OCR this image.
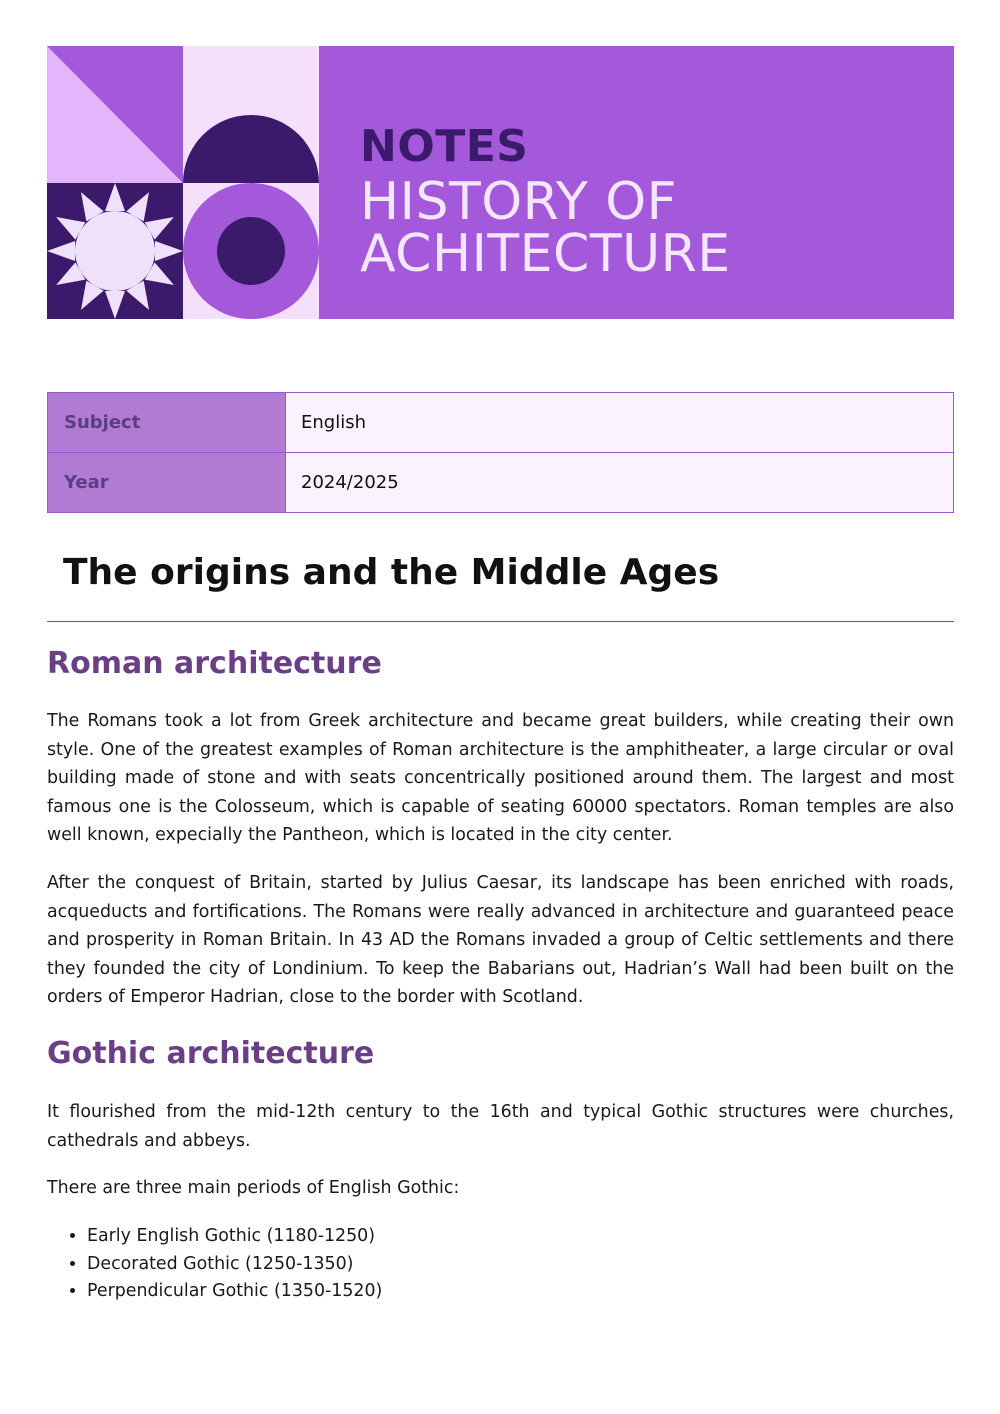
NOTES
HISTORY OF
ACHITECTURE
Subject	English
Year	2024/2025
The origins and the Middle Ages
Roman architecture

The Romans took a lot from Greek architecture and became great builders, while creating their own style. One of the greatest examples of Roman architecture is the amphitheater, a large circular or oval building made of stone and with seats concentrically positioned around them. The largest and most famous one is the Colosseum, which is capable of seating 60000 spectators. Roman temples are also well known, expecially the Pantheon, which is located in the city center.

After the conquest of Britain, started by Julius Caesar, its landscape has been enriched with roads, acqueducts and fortifications. The Romans were really advanced in architecture and guaranteed peace and prosperity in Roman Britain. In 43 AD the Romans invaded a group of Celtic settlements and there they founded the city of Londinium. To keep the Babarians out, Hadrian’s Wall had been built on the orders of Emperor Hadrian, close to the border with Scotland.

Gothic architecture

It flourished from the mid-12th century to the 16th and typical Gothic structures were churches, cathedrals and abbeys.

There are three main periods of English Gothic:

• Early English Gothic (1180-1250)
• Decorated Gothic (1250-1350)
• Perpendicular Gothic (1350-1520)
